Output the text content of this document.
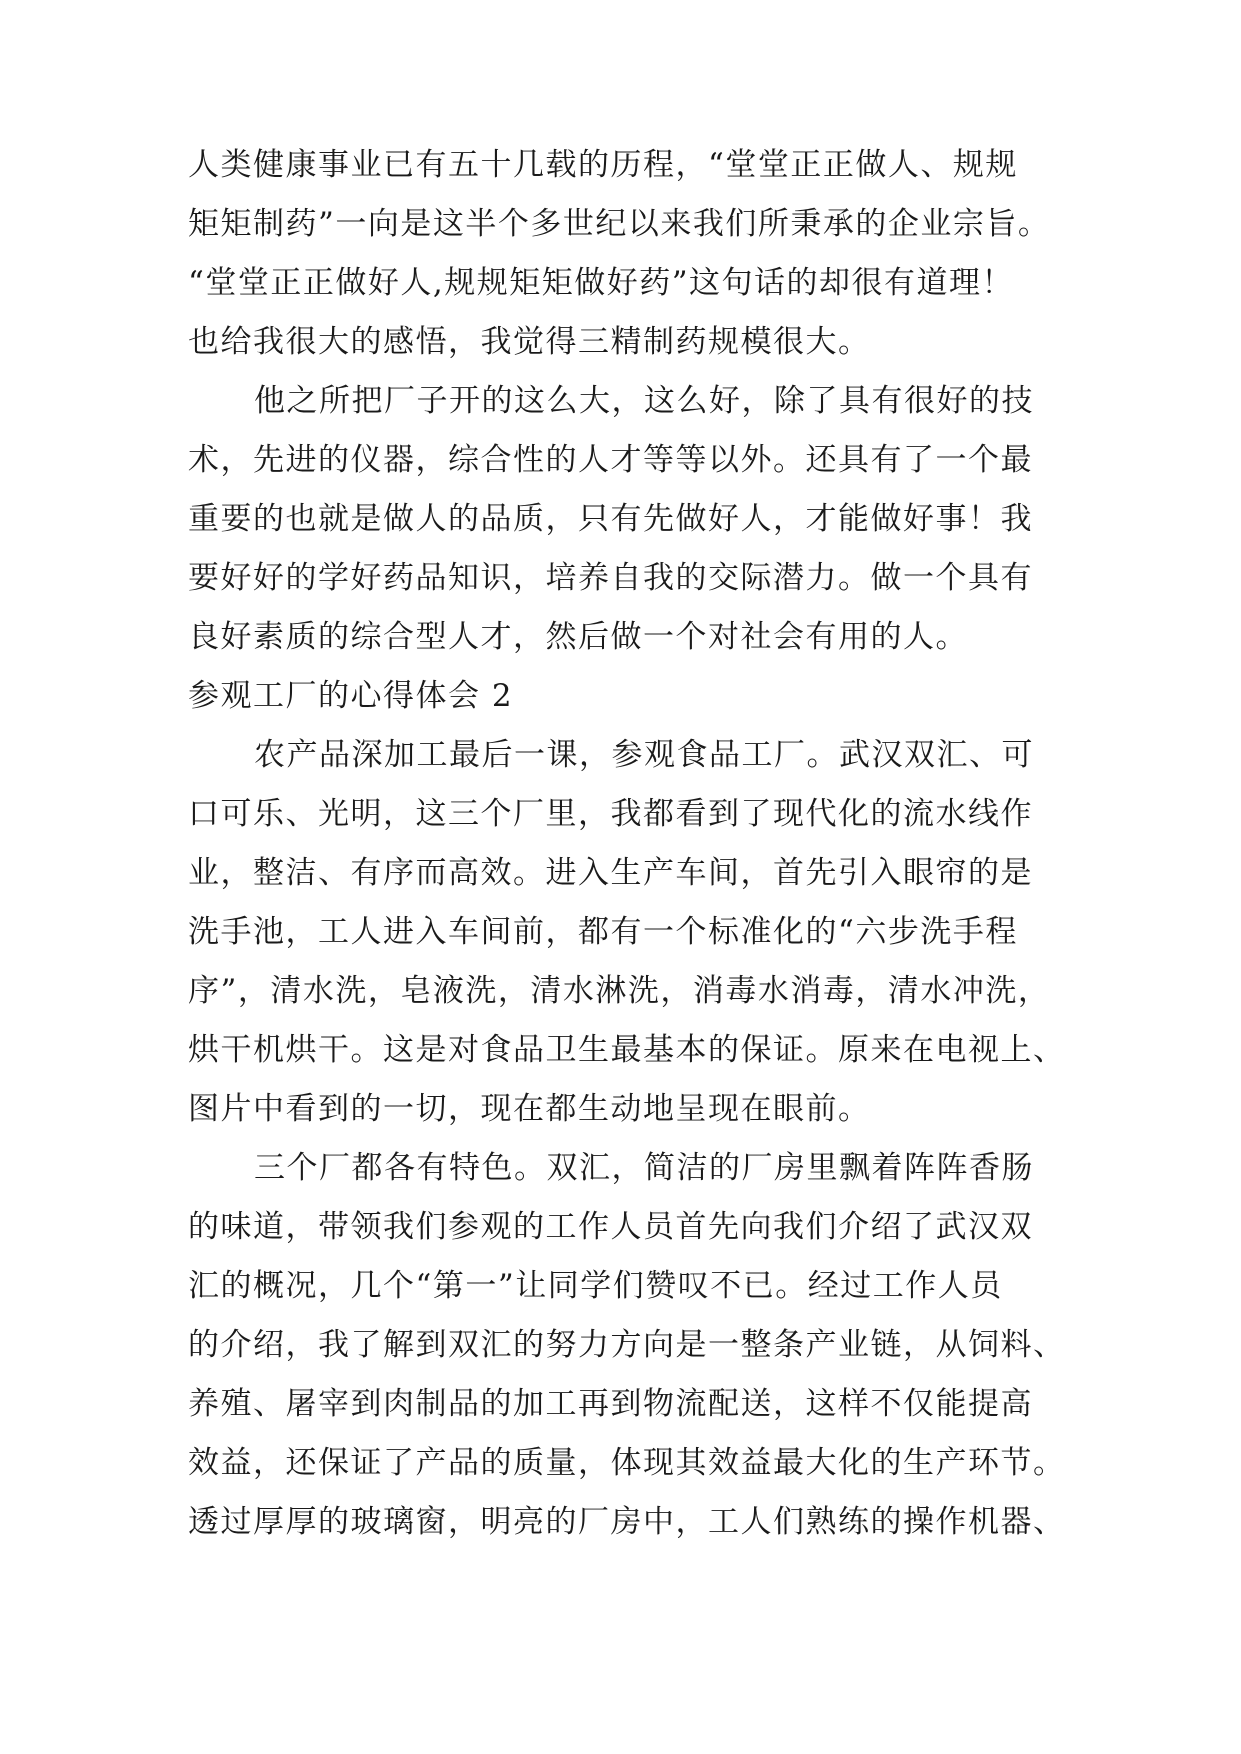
人类健康事业已有五十几载的历程，“堂堂正正做人、规规
矩矩制药”一向是这半个多世纪以来我们所秉承的企业宗旨。
“堂堂正正做好人,规规矩矩做好药”这句话的却很有道理！
也给我很大的感悟，我觉得三精制药规模很大。
他之所把厂子开的这么大，这么好，除了具有很好的技
术，先进的仪器，综合性的人才等等以外。还具有了一个最
重要的也就是做人的品质，只有先做好人，才能做好事！我
要好好的学好药品知识，培养自我的交际潜力。做一个具有
良好素质的综合型人才，然后做一个对社会有用的人。
参观工厂的心得体会 2
农产品深加工最后一课，参观食品工厂。武汉双汇、可
口可乐、光明，这三个厂里，我都看到了现代化的流水线作
业，整洁、有序而高效。进入生产车间，首先引入眼帘的是
洗手池，工人进入车间前，都有一个标准化的“六步洗手程
序”，清水洗，皂液洗，清水淋洗，消毒水消毒，清水冲洗，
烘干机烘干。这是对食品卫生最基本的保证。原来在电视上、
图片中看到的一切，现在都生动地呈现在眼前。
三个厂都各有特色。双汇，简洁的厂房里飘着阵阵香肠
的味道，带领我们参观的工作人员首先向我们介绍了武汉双
汇的概况，几个“第一”让同学们赞叹不已。经过工作人员
的介绍，我了解到双汇的努力方向是一整条产业链，从饲料、
养殖、屠宰到肉制品的加工再到物流配送，这样不仅能提高
效益，还保证了产品的质量，体现其效益最大化的生产环节。
透过厚厚的玻璃窗，明亮的厂房中，工人们熟练的操作机器、
